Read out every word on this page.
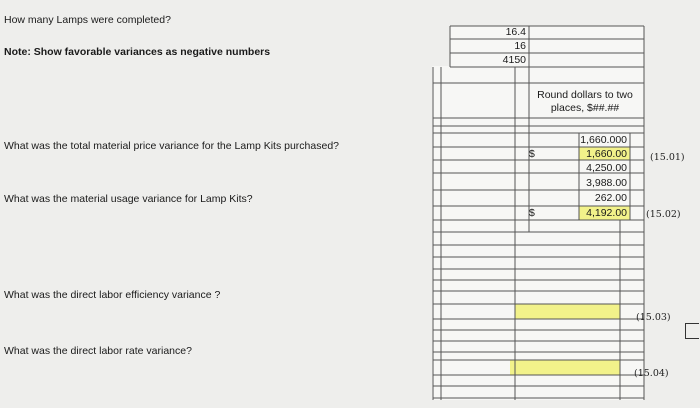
How many Lamps were completed?
Note: Show favorable variances as negative numbers
What was the total material price variance for the Lamp Kits purchased?
What was the material usage variance for Lamp Kits?
What was the direct labor efficiency variance ?
What was the direct labor rate variance?
16.4
16
4150
Round dollars to two places, $##.##
$
$
1,660.000
1,660.00
4,250.00
3,988.00
262.00
4,192.00
(15.01)
(15.02)
(15.03)
(15.04)
